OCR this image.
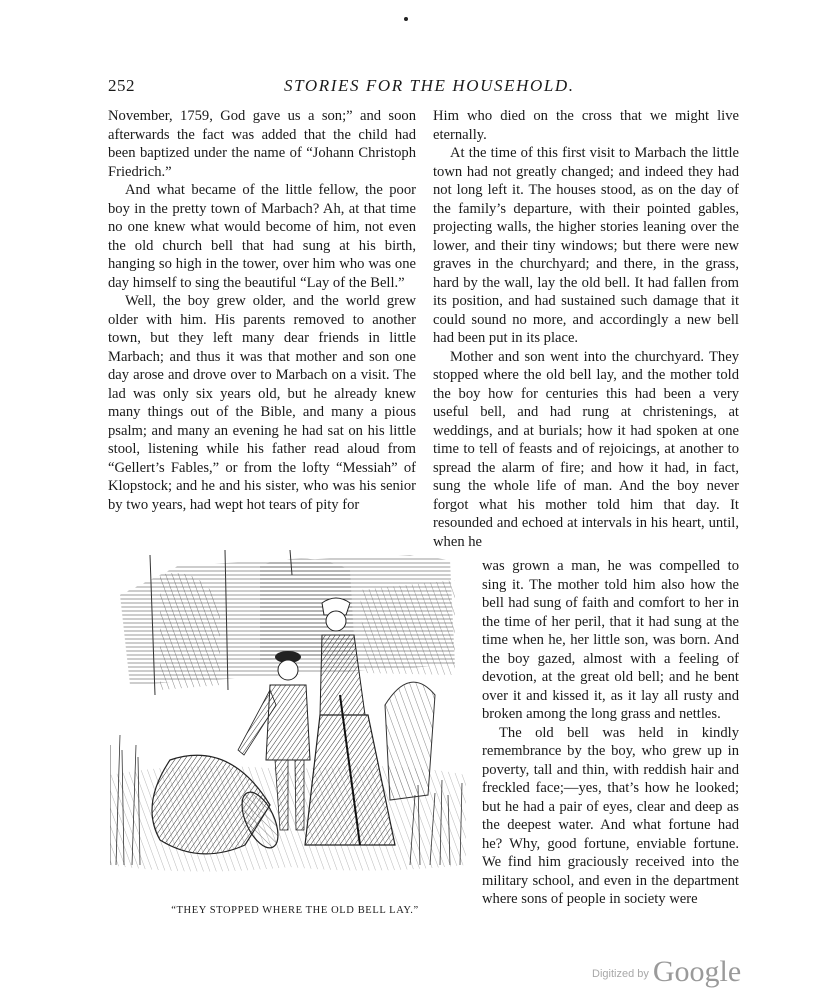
252	STORIES FOR THE HOUSEHOLD.

November, 1759, God gave us a son;” and soon afterwards the fact was added that the child had been baptized under the name of “Johann Christoph Friedrich.”

And what became of the little fellow, the poor boy in the pretty town of Marbach? Ah, at that time no one knew what would become of him, not even the old church bell that had sung at his birth, hanging so high in the tower, over him who was one day himself to sing the beautiful “Lay of the Bell.”

Well, the boy grew older, and the world grew older with him. His parents removed to another town, but they left many dear friends in little Marbach; and thus it was that mother and son one day arose and drove over to Marbach on a visit. The lad was only six years old, but he already knew many things out of the Bible, and many a pious psalm; and many an evening he had sat on his little stool, listening while his father read aloud from “Gellert’s Fables,” or from the lofty “Messiah” of Klopstock; and he and his sister, who was his senior by two years, had wept hot tears of pity for

Him who died on the cross that we might live eternally.

At the time of this first visit to Marbach the little town had not greatly changed; and indeed they had not long left it. The houses stood, as on the day of the family’s departure, with their pointed gables, projecting walls, the higher stories leaning over the lower, and their tiny windows; but there were new graves in the churchyard; and there, in the grass, hard by the wall, lay the old bell. It had fallen from its position, and had sustained such damage that it could sound no more, and accordingly a new bell had been put in its place.

Mother and son went into the churchyard. They stopped where the old bell lay, and the mother told the boy how for centuries this had been a very useful bell, and had rung at christenings, at weddings, and at burials; how it had spoken at one time to tell of feasts and of rejoicings, at another to spread the alarm of fire; and how it had, in fact, sung the whole life of man. And the boy never forgot what his mother told him that day. It resounded and echoed at intervals in his heart, until, when he

was grown a man, he was compelled to sing it. The mother told him also how the bell had sung of faith and comfort to her in the time of her peril, that it had sung at the time when he, her little son, was born. And the boy gazed, almost with a feeling of devotion, at the great old bell; and he bent over it and kissed it, as it lay all rusty and broken among the long grass and nettles.

The old bell was held in kindly remembrance by the boy, who grew up in poverty, tall and thin, with reddish hair and freckled face;—yes, that’s how he looked; but he had a pair of eyes, clear and deep as the deepest water. And what fortune had he? Why, good fortune, enviable fortune. We find him graciously received into the military school, and even in the department where sons of people in society were

“THEY STOPPED WHERE THE OLD BELL LAY.”
$^{Digitized by}$ Google
